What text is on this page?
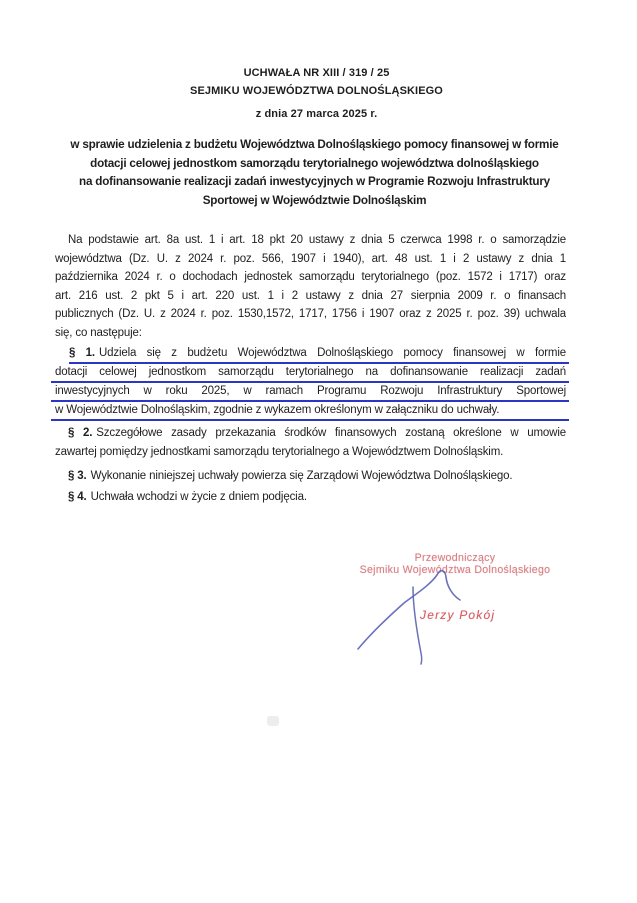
UCHWAŁA NR XIII / 319 / 25
SEJMIKU WOJEWÓDZTWA DOLNOŚLĄSKIEGO
z dnia 27 marca 2025 r.
w sprawie udzielenia z budżetu Województwa Dolnośląskiego pomocy finansowej w formie
dotacji celowej jednostkom samorządu terytorialnego województwa dolnośląskiego
na dofinansowanie realizacji zadań inwestycyjnych w Programie Rozwoju Infrastruktury
Sportowej w Województwie Dolnośląskim
Na podstawie art. 8a ust. 1 i art. 18 pkt 20 ustawy z dnia 5 czerwca 1998 r. o samorządzie
województwa (Dz. U. z 2024 r. poz. 566, 1907 i 1940), art. 48 ust. 1 i 2 ustawy z dnia 1
października 2024 r. o dochodach jednostek samorządu terytorialnego (poz. 1572 i 1717) oraz
art. 216 ust. 2 pkt 5 i art. 220 ust. 1 i 2 ustawy z dnia 27 sierpnia 2009 r. o finansach
publicznych (Dz. U. z 2024 r. poz. 1530,1572, 1717, 1756 i 1907 oraz z 2025 r. poz. 39) uchwala
się, co następuje:
§ 1. Udziela się z budżetu Województwa Dolnośląskiego pomocy finansowej w formie
dotacji celowej jednostkom samorządu terytorialnego na dofinansowanie realizacji zadań
inwestycyjnych w roku 2025, w ramach Programu Rozwoju Infrastruktury Sportowej
w Województwie Dolnośląskim, zgodnie z wykazem określonym w załączniku do uchwały.
§ 2. Szczegółowe zasady przekazania środków finansowych zostaną określone w umowie
zawartej pomiędzy jednostkami samorządu terytorialnego a Województwem Dolnośląskim.
§ 3. Wykonanie niniejszej uchwały powierza się Zarządowi Województwa Dolnośląskiego.
§ 4. Uchwała wchodzi w życie z dniem podjęcia.
Przewodniczący
Sejmiku Województwa Dolnośląskiego
Jerzy Pokój
